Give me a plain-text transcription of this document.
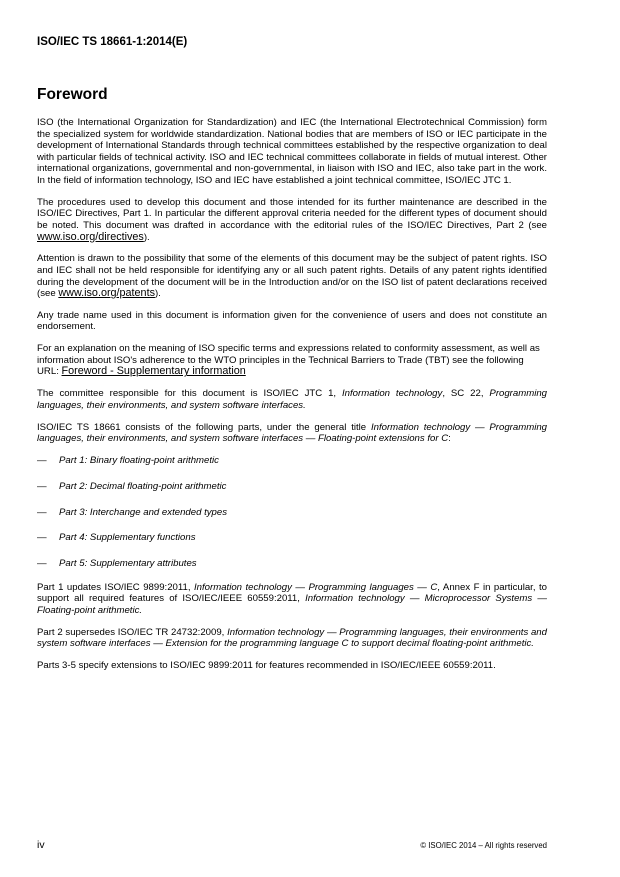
ISO/IEC TS 18661-1:2014(E)
Foreword

ISO (the International Organization for Standardization) and IEC (the International Electrotechnical Commission) form the specialized system for worldwide standardization. National bodies that are members of ISO or IEC participate in the development of International Standards through technical committees established by the respective organization to deal with particular fields of technical activity. ISO and IEC technical committees collaborate in fields of mutual interest. Other international organizations, governmental and non-governmental, in liaison with ISO and IEC, also take part in the work. In the field of information technology, ISO and IEC have established a joint technical committee, ISO/IEC JTC 1.

The procedures used to develop this document and those intended for its further maintenance are described in the ISO/IEC Directives, Part 1. In particular the different approval criteria needed for the different types of document should be noted. This document was drafted in accordance with the editorial rules of the ISO/IEC Directives, Part 2 (see www.iso.org/directives).

Attention is drawn to the possibility that some of the elements of this document may be the subject of patent rights. ISO and IEC shall not be held responsible for identifying any or all such patent rights. Details of any patent rights identified during the development of the document will be in the Introduction and/or on the ISO list of patent declarations received (see www.iso.org/patents).

Any trade name used in this document is information given for the convenience of users and does not constitute an endorsement.

For an explanation on the meaning of ISO specific terms and expressions related to conformity assessment, as well as information about ISO's adherence to the WTO principles in the Technical Barriers to Trade (TBT) see the following URL: Foreword - Supplementary information

The committee responsible for this document is ISO/IEC JTC 1, Information technology, SC 22, Programming languages, their environments, and system software interfaces.

ISO/IEC TS 18661 consists of the following parts, under the general title Information technology — Programming languages, their environments, and system software interfaces — Floating-point extensions for C:

—	Part 1: Binary floating-point arithmetic
—	Part 2: Decimal floating-point arithmetic
—	Part 3: Interchange and extended types
—	Part 4: Supplementary functions
—	Part 5: Supplementary attributes

Part 1 updates ISO/IEC 9899:2011, Information technology — Programming languages — C, Annex F in particular, to support all required features of ISO/IEC/IEEE 60559:2011, Information technology — Microprocessor Systems — Floating-point arithmetic.

Part 2 supersedes ISO/IEC TR 24732:2009, Information technology — Programming languages, their environments and system software interfaces — Extension for the programming language C to support decimal floating-point arithmetic.

Parts 3-5 specify extensions to ISO/IEC 9899:2011 for features recommended in ISO/IEC/IEEE 60559:2011.

iv	© ISO/IEC 2014 – All rights reserved
